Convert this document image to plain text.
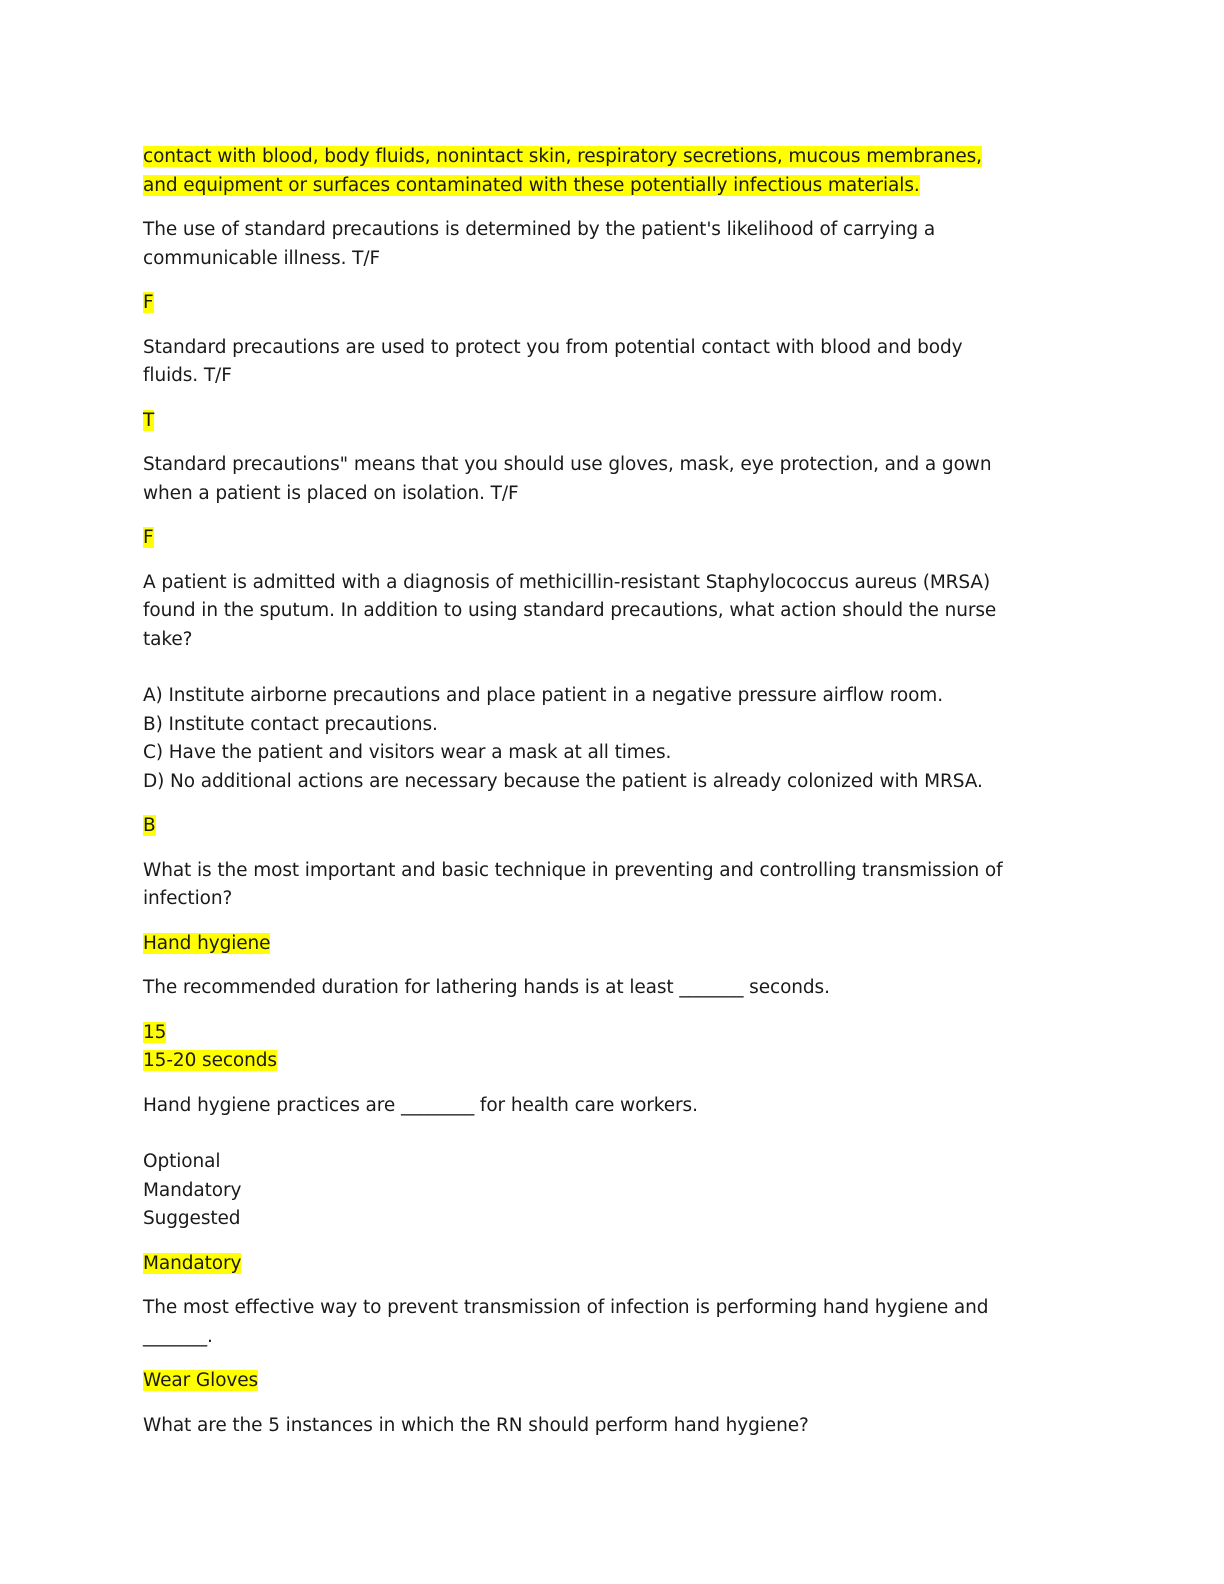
contact with blood, body fluids, nonintact skin, respiratory secretions, mucous membranes,
and equipment or surfaces contaminated with these potentially infectious materials.
The use of standard precautions is determined by the patient's likelihood of carrying a
communicable illness. T/F
F
Standard precautions are used to protect you from potential contact with blood and body
fluids. T/F
T
Standard precautions" means that you should use gloves, mask, eye protection, and a gown
when a patient is placed on isolation. T/F
F
A patient is admitted with a diagnosis of methicillin-resistant Staphylococcus aureus (MRSA)
found in the sputum. In addition to using standard precautions, what action should the nurse
take?
A) Institute airborne precautions and place patient in a negative pressure airflow room.
B) Institute contact precautions.
C) Have the patient and visitors wear a mask at all times.
D) No additional actions are necessary because the patient is already colonized with MRSA.
B
What is the most important and basic technique in preventing and controlling transmission of
infection?
Hand hygiene
The recommended duration for lathering hands is at least _______ seconds.
15
15-20 seconds
Hand hygiene practices are ________ for health care workers.
Optional
Mandatory
Suggested
Mandatory
The most effective way to prevent transmission of infection is performing hand hygiene and
_______.
Wear Gloves
What are the 5 instances in which the RN should perform hand hygiene?
